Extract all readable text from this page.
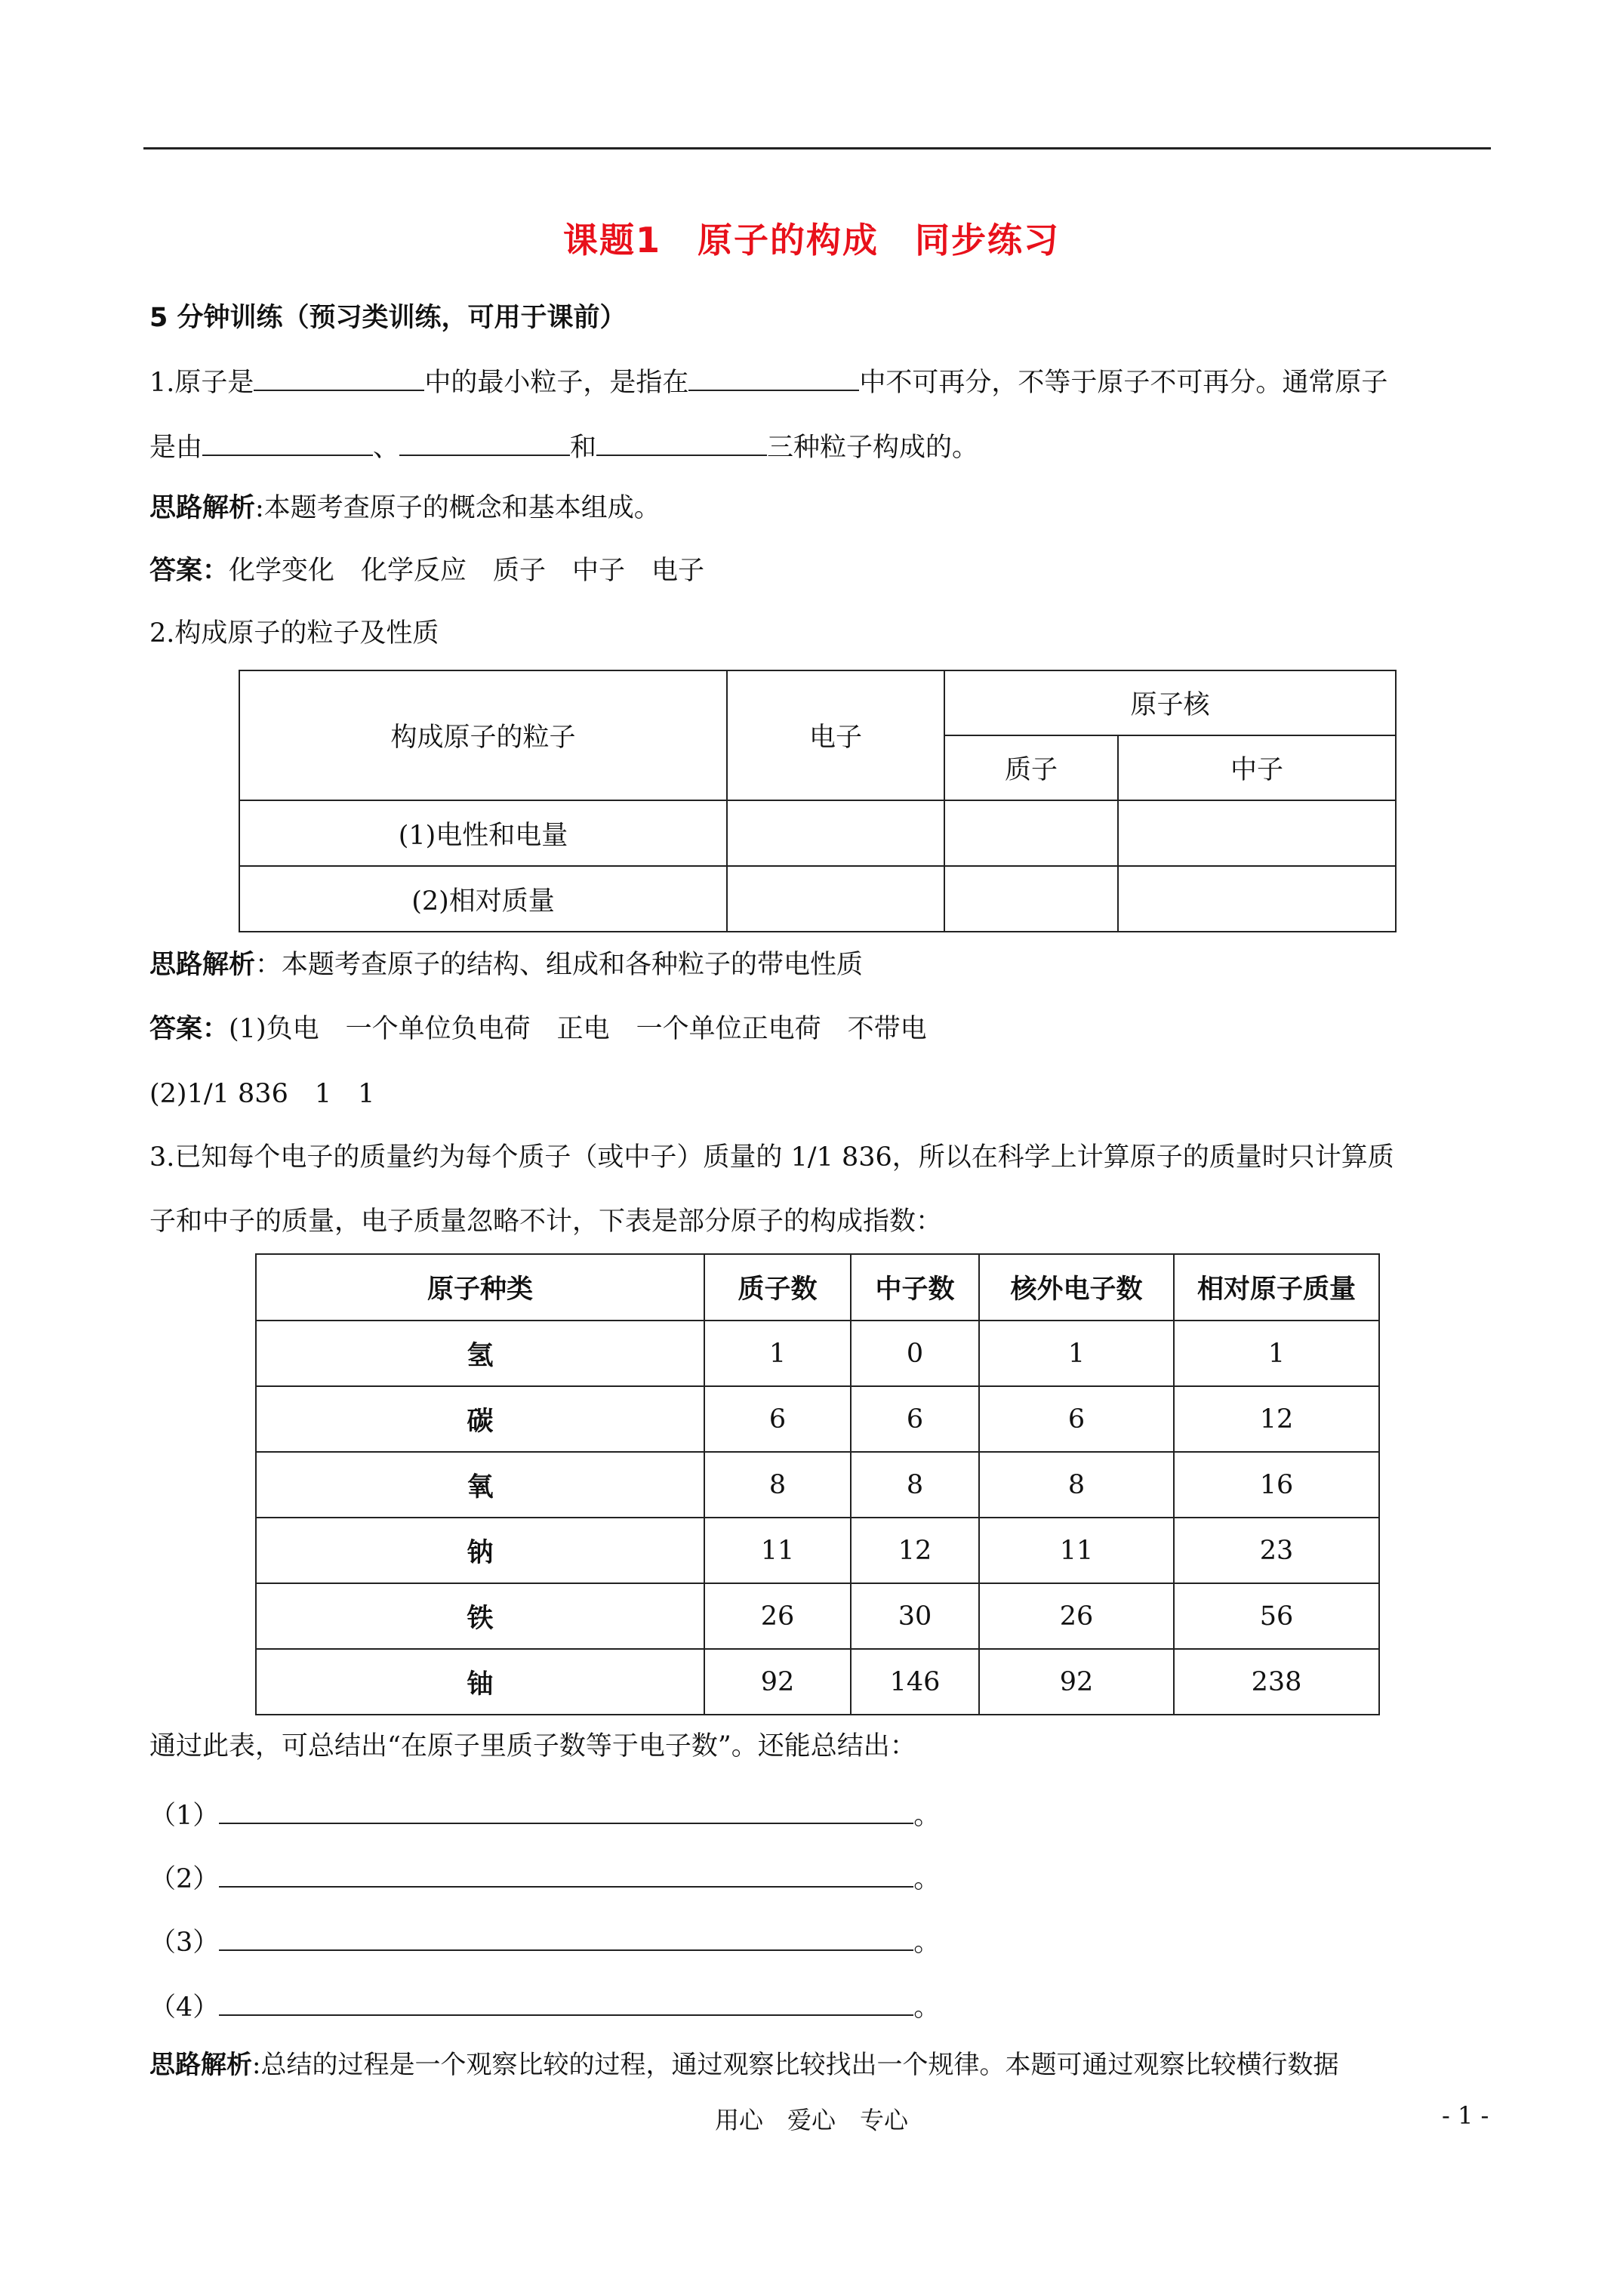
课题1　原子的构成　同步练习
5 分钟训练（预习类训练，可用于课前）
1.原子是	中的最小粒子，是指在	中不可再分，不等于原子不可再分。通常原子
是由	、	和	三种粒子构成的。
思路解析:本题考查原子的概念和基本组成。
答案：化学变化　化学反应　质子　中子　电子
2.构成原子的粒子及性质
构成原子的粒子	电子	原子核	
		质子	中子
(1)电性和电量			
(2)相对质量			
思路解析：本题考查原子的结构、组成和各种粒子的带电性质
答案：(1)负电　一个单位负电荷　正电　一个单位正电荷　不带电
(2)1/1 836　1　1
3.已知每个电子的质量约为每个质子（或中子）质量的 1/1 836，所以在科学上计算原子的质量时只计算质
子和中子的质量，电子质量忽略不计，下表是部分原子的构成指数：
原子种类	质子数	中子数	核外电子数	相对原子质量
氢	1	0	1	1
碳	6	6	6	12
氧	8	8	8	16
钠	11	12	11	23
铁	26	30	26	56
铀	92	146	92	238
通过此表，可总结出“在原子里质子数等于电子数”。还能总结出：
（1）	。
（2）	。
（3）	。
（4）	。
思路解析:总结的过程是一个观察比较的过程，通过观察比较找出一个规律。本题可通过观察比较横行数据
用心　爱心　专心	- 1 -
